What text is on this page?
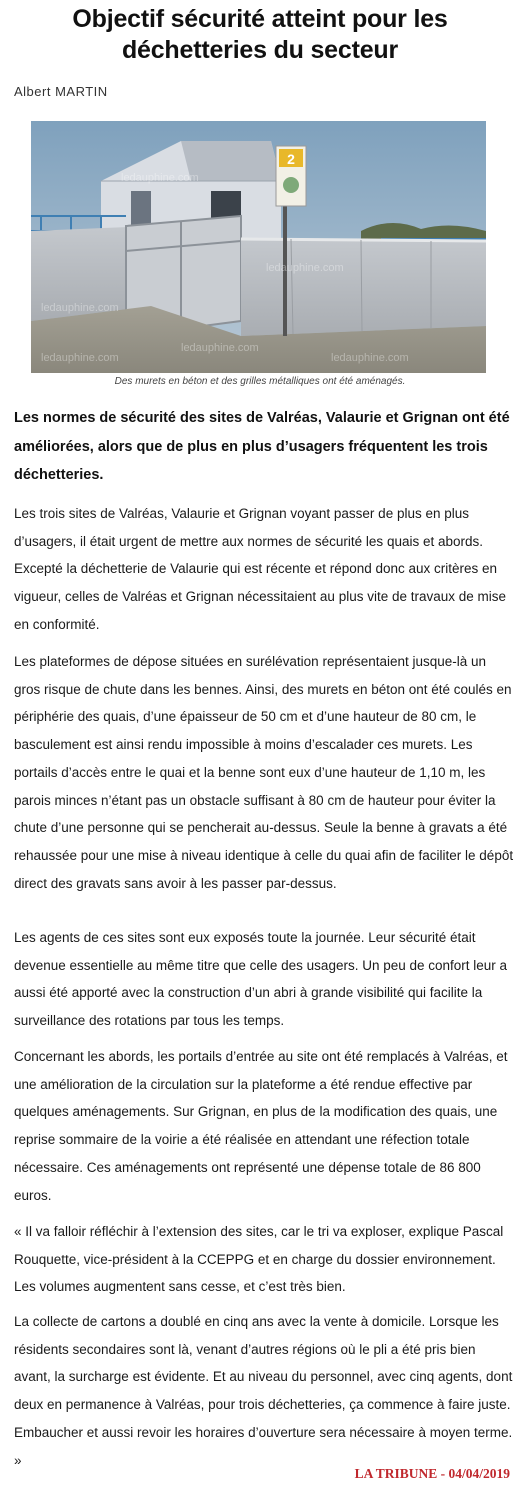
Objectif sécurité atteint pour les déchetteries du secteur
Albert MARTIN
2
ledauphine.com
ledauphine.com
ledauphine.com
ledauphine.com
ledauphine.com
ledauphine.com
Des murets en béton et des grilles métalliques ont été aménagés.
Les normes de sécurité des sites de Valréas, Valaurie et Grignan ont été améliorées, alors que de plus en plus d’usagers fréquentent les trois déchetteries.
Les trois sites de Valréas, Valaurie et Grignan voyant passer de plus en plus d’usagers, il était urgent de mettre aux normes de sécurité les quais et abords. Excepté la déchetterie de Valaurie qui est récente et répond donc aux critères en vigueur, celles de Valréas et Grignan nécessitaient au plus vite de travaux de mise en conformité.
Les plateformes de dépose situées en surélévation représentaient jusque-là un gros risque de chute dans les bennes. Ainsi, des murets en béton ont été coulés en périphérie des quais, d’une épaisseur de 50 cm et d’une hauteur de 80 cm, le basculement est ainsi rendu impossible à moins d’escalader ces murets. Les portails d’accès entre le quai et la benne sont eux d’une hauteur de 1,10 m, les parois minces n’étant pas un obstacle suffisant à 80 cm de hauteur pour éviter la chute d’une personne qui se pencherait au-dessus. Seule la benne à gravats a été rehaussée pour une mise à niveau identique à celle du quai afin de faciliter le dépôt direct des gravats sans avoir à les passer par-dessus.
Les agents de ces sites sont eux exposés toute la journée. Leur sécurité était devenue essentielle au même titre que celle des usagers. Un peu de confort leur a aussi été apporté avec la construction d’un abri à grande visibilité qui facilite la surveillance des rotations par tous les temps.
Concernant les abords, les portails d’entrée au site ont été remplacés à Valréas, et une amélioration de la circulation sur la plateforme a été rendue effective par quelques aménagements. Sur Grignan, en plus de la modification des quais, une reprise sommaire de la voirie a été réalisée en attendant une réfection totale nécessaire. Ces aménagements ont représenté une dépense totale de 86 800 euros.
« Il va falloir réfléchir à l’extension des sites, car le tri va exploser, explique Pascal Rouquette, vice-président à la CCEPPG et en charge du dossier environnement. Les volumes augmentent sans cesse, et c’est très bien.
La collecte de cartons a doublé en cinq ans avec la vente à domicile. Lorsque les résidents secondaires sont là, venant d’autres régions où le pli a été pris bien avant, la surcharge est évidente. Et au niveau du personnel, avec cinq agents, dont deux en permanence à Valréas, pour trois déchetteries, ça commence à faire juste. Embaucher et aussi revoir les horaires d’ouverture sera nécessaire à moyen terme. »
LA TRIBUNE - 04/04/2019
